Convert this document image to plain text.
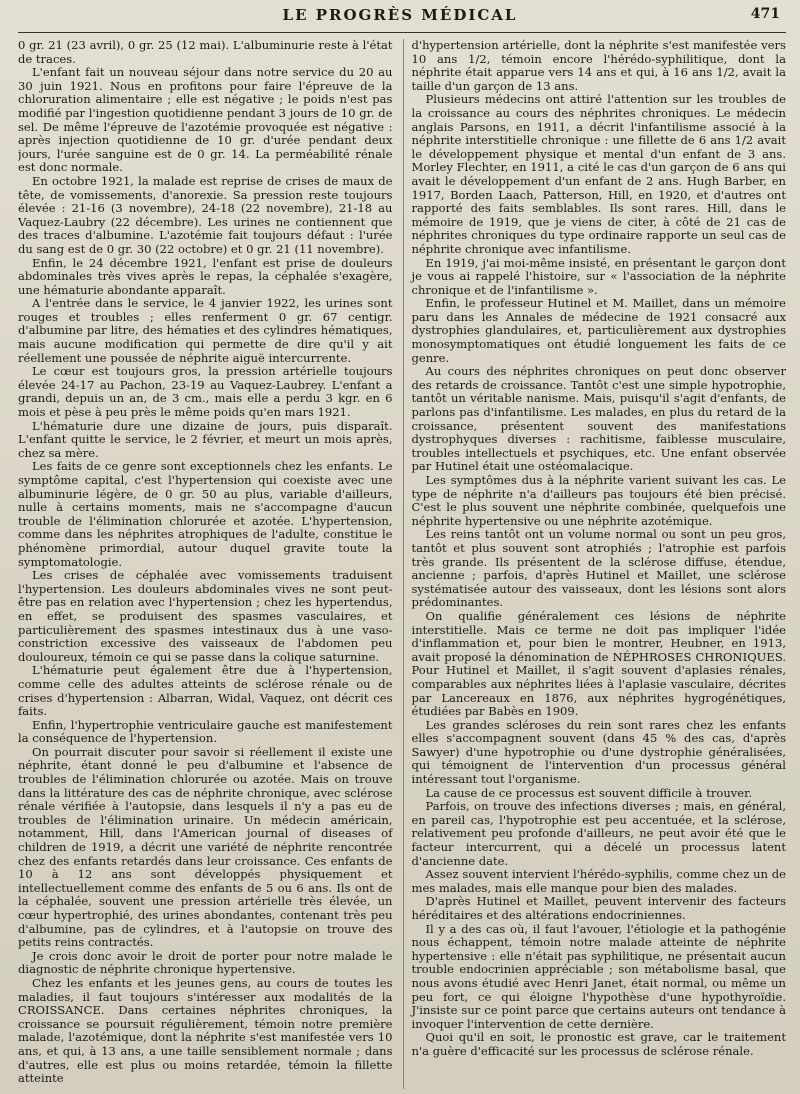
LE PROGRÈS MÉDICAL	471

0 gr. 21 (23 avril), 0 gr. 25 (12 mai). L'albuminurie reste à l'état de traces.

L'enfant fait un nouveau séjour dans notre service du 20 au 30 juin 1921. Nous en profitons pour faire l'épreuve de la chloruration alimentaire ; elle est négative ; le poids n'est pas modifié par l'ingestion quotidienne pendant 3 jours de 10 gr. de sel. De même l'épreuve de l'azotémie provoquée est négative : après injection quotidienne de 10 gr. d'urée pendant deux jours, l'urée sanguine est de 0 gr. 14. La perméabilité rénale est donc normale.

En octobre 1921, la malade est reprise de crises de maux de tête, de vomissements, d'anorexie. Sa pression reste toujours élevée : 21-16 (3 novembre), 24-18 (22 novembre), 21-18 au Vaquez-Laubry (22 décembre). Les urines ne contiennent que des traces d'albumine. L'azotémie fait toujours défaut : l'urée du sang est de 0 gr. 30 (22 octobre) et 0 gr. 21 (11 novembre).

Enfin, le 24 décembre 1921, l'enfant est prise de douleurs abdominales très vives après le repas, la céphalée s'exagère, une hématurie abondante apparaît.

A l'entrée dans le service, le 4 janvier 1922, les urines sont rouges et troubles ; elles renferment 0 gr. 67 centigr. d'albumine par litre, des hématies et des cylindres hématiques, mais aucune modification qui permette de dire qu'il y ait réellement une poussée de néphrite aiguë intercurrente.

Le cœur est toujours gros, la pression artérielle toujours élevée 24-17 au Pachon, 23-19 au Vaquez-Laubrey. L'enfant a grandi, depuis un an, de 3 cm., mais elle a perdu 3 kgr. en 6 mois et pèse à peu près le même poids qu'en mars 1921.

L'hématurie dure une dizaine de jours, puis disparaît. L'enfant quitte le service, le 2 février, et meurt un mois après, chez sa mère.

Les faits de ce genre sont exceptionnels chez les enfants. Le symptôme capital, c'est l'hypertension qui coexiste avec une albuminurie légère, de 0 gr. 50 au plus, variable d'ailleurs, nulle à certains moments, mais ne s'accompagne d'aucun trouble de l'élimination chlorurée et azotée. L'hypertension, comme dans les néphrites atrophiques de l'adulte, constitue le phénomène primordial, autour duquel gravite toute la symptomatologie.

Les crises de céphalée avec vomissements traduisent l'hypertension. Les douleurs abdominales vives ne sont peut-être pas en relation avec l'hypertension ; chez les hypertendus, en effet, se produisent des spasmes vasculaires, et particulièrement des spasmes intestinaux dus à une vaso-constriction excessive des vaisseaux de l'abdomen peu douloureux, témoin ce qui se passe dans la colique saturnine.

L'hématurie peut également être due à l'hypertension, comme celle des adultes atteints de sclérose rénale ou de crises d'hypertension : Albarran, Widal, Vaquez, ont décrit ces faits.

Enfin, l'hypertrophie ventriculaire gauche est manifestement la conséquence de l'hypertension.

On pourrait discuter pour savoir si réellement il existe une néphrite, étant donné le peu d'albumine et l'absence de troubles de l'élimination chlorurée ou azotée. Mais on trouve dans la littérature des cas de néphrite chronique, avec sclérose rénale vérifiée à l'autopsie, dans lesquels il n'y a pas eu de troubles de l'élimination urinaire. Un médecin américain, notamment, Hill, dans l'American journal of diseases of children de 1919, a décrit une variété de néphrite rencontrée chez des enfants retardés dans leur croissance. Ces enfants de 10 à 12 ans sont développés physiquement et intellectuellement comme des enfants de 5 ou 6 ans. Ils ont de la céphalée, souvent une pression artérielle très élevée, un cœur hypertrophié, des urines abondantes, contenant très peu d'albumine, pas de cylindres, et à l'autopsie on trouve des petits reins contractés.

Je crois donc avoir le droit de porter pour notre malade le diagnostic de néphrite chronique hypertensive.

Chez les enfants et les jeunes gens, au cours de toutes les maladies, il faut toujours s'intéresser aux modalités de la CROISSANCE. Dans certaines néphrites chroniques, la croissance se poursuit régulièrement, témoin notre première malade, l'azotémique, dont la néphrite s'est manifestée vers 10 ans, et qui, à 13 ans, a une taille sensiblement normale ; dans d'autres, elle est plus ou moins retardée, témoin la fillette atteinte

d'hypertension artérielle, dont la néphrite s'est manifestée vers 10 ans 1/2, témoin encore l'hérédo-syphilitique, dont la néphrite était apparue vers 14 ans et qui, à 16 ans 1/2, avait la taille d'un garçon de 13 ans.

Plusieurs médecins ont attiré l'attention sur les troubles de la croissance au cours des néphrites chroniques. Le médecin anglais Parsons, en 1911, a décrit l'infantilisme associé à la néphrite interstitielle chronique : une fillette de 6 ans 1/2 avait le développement physique et mental d'un enfant de 3 ans. Morley Flechter, en 1911, a cité le cas d'un garçon de 6 ans qui avait le développement d'un enfant de 2 ans. Hugh Barber, en 1917, Borden Laach, Patterson, Hill, en 1920, et d'autres ont rapporté des faits semblables. Ils sont rares. Hill, dans le mémoire de 1919, que je viens de citer, à côté de 21 cas de néphrites chroniques du type ordinaire rapporte un seul cas de néphrite chronique avec infantilisme.

En 1919, j'ai moi-même insisté, en présentant le garçon dont je vous ai rappelé l'histoire, sur « l'association de la néphrite chronique et de l'infantilisme ».

Enfin, le professeur Hutinel et M. Maillet, dans un mémoire paru dans les Annales de médecine de 1921 consacré aux dystrophies glandulaires, et, particulièrement aux dystrophies monosymptomatiques ont étudié longuement les faits de ce genre.

Au cours des néphrites chroniques on peut donc observer des retards de croissance. Tantôt c'est une simple hypotrophie, tantôt un véritable nanisme. Mais, puisqu'il s'agit d'enfants, de parlons pas d'infantilisme. Les malades, en plus du retard de la croissance, présentent souvent des manifestations dystrophyques diverses : rachitisme, faiblesse musculaire, troubles intellectuels et psychiques, etc. Une enfant observée par Hutinel était une ostéomalacique.

Les symptômes dus à la néphrite varient suivant les cas. Le type de néphrite n'a d'ailleurs pas toujours été bien précisé. C'est le plus souvent une néphrite combinée, quelquefois une néphrite hypertensive ou une néphrite azotémique.

Les reins tantôt ont un volume normal ou sont un peu gros, tantôt et plus souvent sont atrophiés ; l'atrophie est parfois très grande. Ils présentent de la sclérose diffuse, étendue, ancienne ; parfois, d'après Hutinel et Maillet, une sclérose systématisée autour des vaisseaux, dont les lésions sont alors prédominantes.

On qualifie généralement ces lésions de néphrite interstitielle. Mais ce terme ne doit pas impliquer l'idée d'inflammation et, pour bien le montrer, Heubner, en 1913, avait proposé la dénomination de NÉPHROSES CHRONIQUES. Pour Hutinel et Maillet, il s'agit souvent d'aplasies rénales, comparables aux néphrites liées à l'aplasie vasculaire, décrites par Lancereaux en 1876, aux néphrites hygrogénétiques, étudiées par Babès en 1909.

Les grandes scléroses du rein sont rares chez les enfants elles s'accompagnent souvent (dans 45 % des cas, d'après Sawyer) d'une hypotrophie ou d'une dystrophie généralisées, qui témoignent de l'intervention d'un processus général intéressant tout l'organisme.

La cause de ce processus est souvent difficile à trouver.

Parfois, on trouve des infections diverses ; mais, en général, en pareil cas, l'hypotrophie est peu accentuée, et la sclérose, relativement peu profonde d'ailleurs, ne peut avoir été que le facteur intercurrent, qui a décelé un processus latent d'ancienne date.

Assez souvent intervient l'hérédo-syphilis, comme chez un de mes malades, mais elle manque pour bien des malades.

D'après Hutinel et Maillet, peuvent intervenir des facteurs héréditaires et des altérations endocriniennes.

Il y a des cas où, il faut l'avouer, l'étiologie et la pathogénie nous échappent, témoin notre malade atteinte de néphrite hypertensive : elle n'était pas syphilitique, ne présentait aucun trouble endocrinien appréciable ; son métabolisme basal, que nous avons étudié avec Henri Janet, était normal, ou même un peu fort, ce qui éloigne l'hypothèse d'une hypothyroïdie. J'insiste sur ce point parce que certains auteurs ont tendance à invoquer l'intervention de cette dernière.

Quoi qu'il en soit, le pronostic est grave, car le traitement n'a guère d'efficacité sur les processus de sclérose rénale.
